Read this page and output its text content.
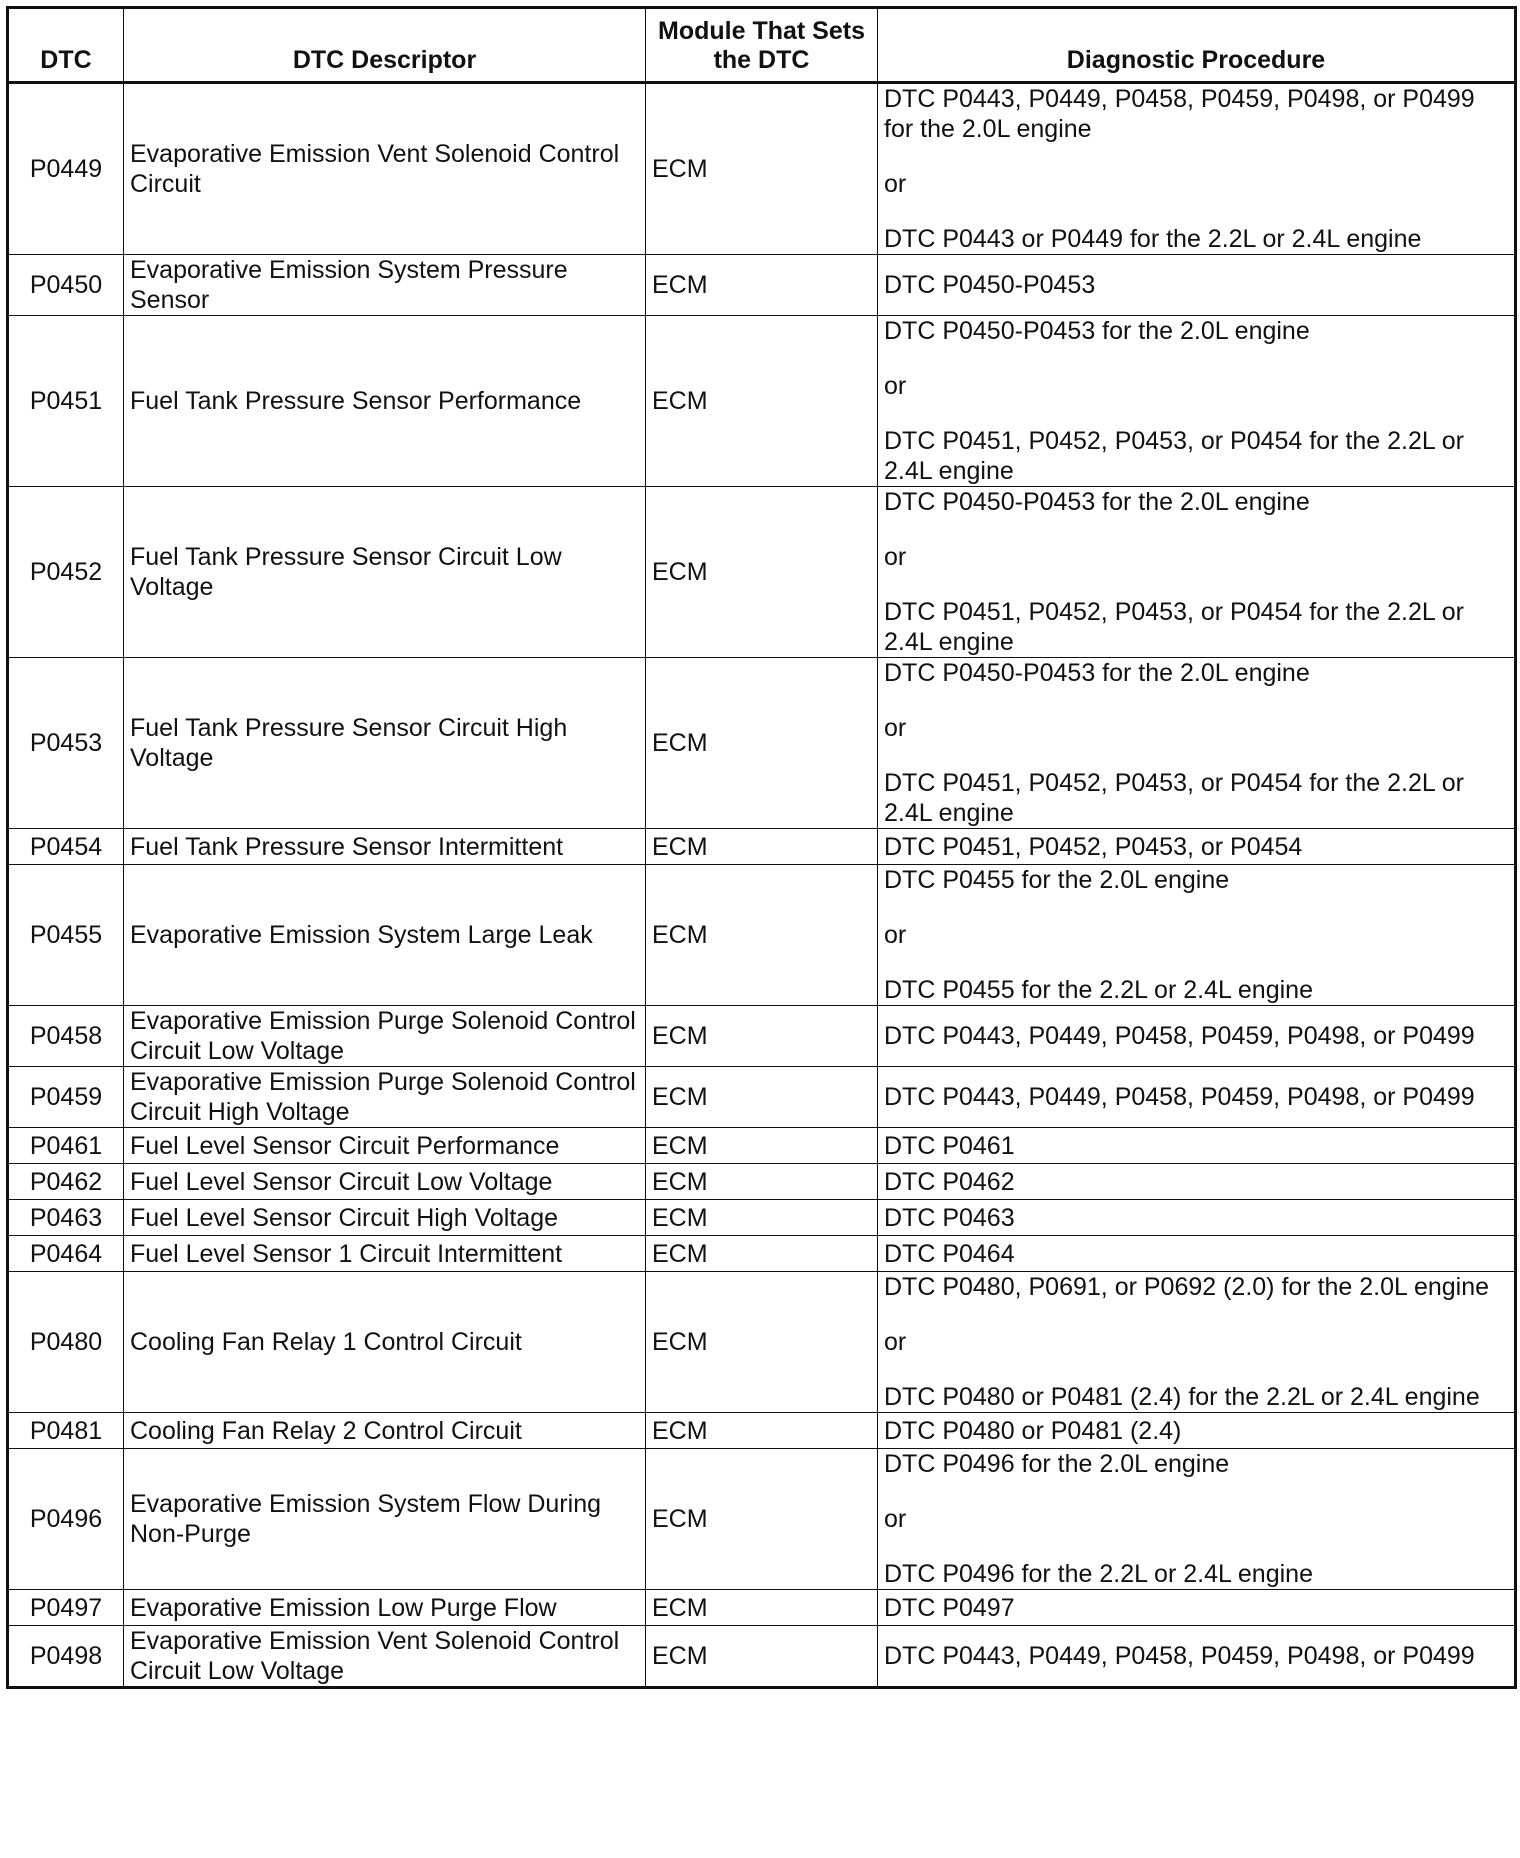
DTC	DTC Descriptor	Module That Sets the DTC	Diagnostic Procedure
P0449	Evaporative Emission Vent Solenoid Control Circuit	ECM	DTC P0443, P0449, P0458, P0459, P0498, or P0499 for the 2.0L engine
or
DTC P0443 or P0449 for the 2.2L or 2.4L engine

P0450	Evaporative Emission System Pressure Sensor	ECM	DTC P0450-P0453

P0451	Fuel Tank Pressure Sensor Performance	ECM	DTC P0450-P0453 for the 2.0L engine
or
DTC P0451, P0452, P0453, or P0454 for the 2.2L or 2.4L engine

P0452	Fuel Tank Pressure Sensor Circuit Low Voltage	ECM	DTC P0450-P0453 for the 2.0L engine
or
DTC P0451, P0452, P0453, or P0454 for the 2.2L or 2.4L engine

P0453	Fuel Tank Pressure Sensor Circuit High Voltage	ECM	DTC P0450-P0453 for the 2.0L engine
or
DTC P0451, P0452, P0453, or P0454 for the 2.2L or 2.4L engine

P0454	Fuel Tank Pressure Sensor Intermittent	ECM	DTC P0451, P0452, P0453, or P0454

P0455	Evaporative Emission System Large Leak	ECM	DTC P0455 for the 2.0L engine
or
DTC P0455 for the 2.2L or 2.4L engine

P0458	Evaporative Emission Purge Solenoid Control Circuit Low Voltage	ECM	DTC P0443, P0449, P0458, P0459, P0498, or P0499

P0459	Evaporative Emission Purge Solenoid Control Circuit High Voltage	ECM	DTC P0443, P0449, P0458, P0459, P0498, or P0499

P0461	Fuel Level Sensor Circuit Performance	ECM	DTC P0461

P0462	Fuel Level Sensor Circuit Low Voltage	ECM	DTC P0462

P0463	Fuel Level Sensor Circuit High Voltage	ECM	DTC P0463

P0464	Fuel Level Sensor 1 Circuit Intermittent	ECM	DTC P0464

P0480	Cooling Fan Relay 1 Control Circuit	ECM	DTC P0480, P0691, or P0692 (2.0) for the 2.0L engine
or
DTC P0480 or P0481 (2.4) for the 2.2L or 2.4L engine

P0481	Cooling Fan Relay 2 Control Circuit	ECM	DTC P0480 or P0481 (2.4)

P0496	Evaporative Emission System Flow During Non-Purge	ECM	DTC P0496 for the 2.0L engine
or
DTC P0496 for the 2.2L or 2.4L engine

P0497	Evaporative Emission Low Purge Flow	ECM	DTC P0497

P0498	Evaporative Emission Vent Solenoid Control Circuit Low Voltage	ECM	DTC P0443, P0449, P0458, P0459, P0498, or P0499
